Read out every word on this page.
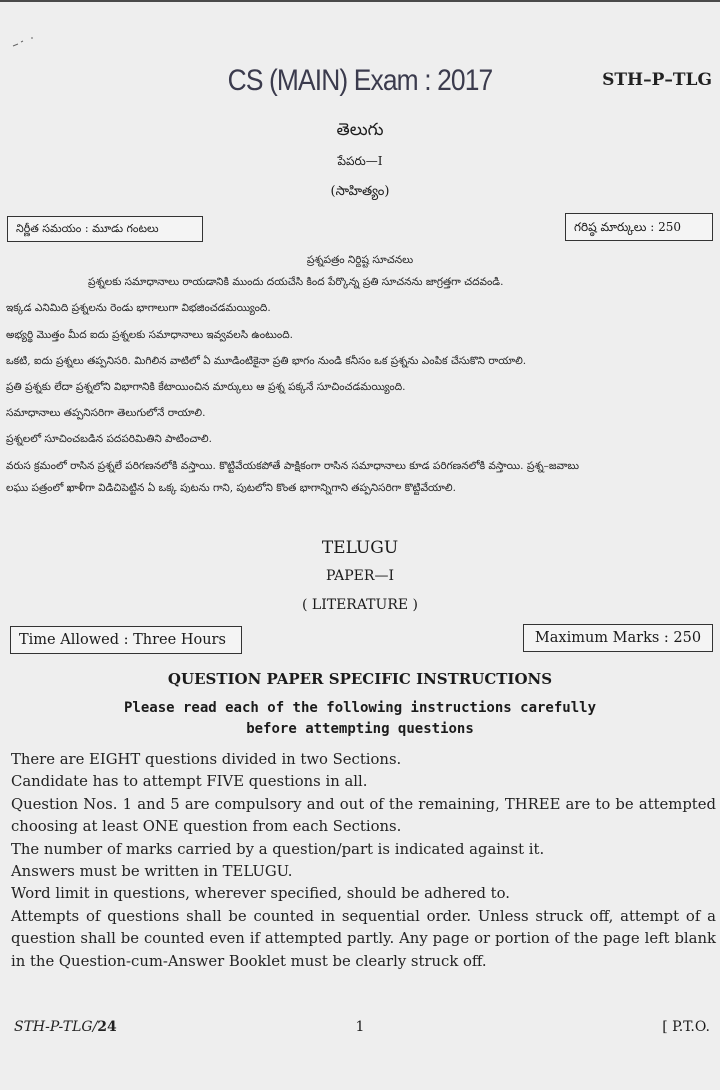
CS (MAIN) Exam : 2017	STH–P–TLG
తెలుగు
పేపరు—I
(సాహిత్యం)
నిర్ణీత సమయం : మూడు గంటలు	గరిష్ఠ మార్కులు : 250

ప్రశ్నపత్రం నిర్దిష్ట సూచనలు

ప్రశ్నలకు సమాధానాలు రాయడానికి ముందు దయచేసి కింద పేర్కొన్న ప్రతి సూచనను జాగ్రత్తగా చదవండి.

ఇక్కడ ఎనిమిది ప్రశ్నలను రెండు భాగాలుగా విభజించడమయ్యింది.

అభ్యర్థి మొత్తం మీద ఐదు ప్రశ్నలకు సమాధానాలు ఇవ్వవలసి ఉంటుంది.

ఒకటి, ఐదు ప్రశ్నలు తప్పనిసరి. మిగిలిన వాటిలో ఏ మూడింటికైనా ప్రతి భాగం నుండి కనీసం ఒక ప్రశ్నను ఎంపిక చేసుకొని రాయాలి.

ప్రతి ప్రశ్నకు లేదా ప్రశ్నలోని విభాగానికి కేటాయించిన మార్కులు ఆ ప్రశ్న పక్కనే సూచించడమయ్యింది.

సమాధానాలు తప్పనిసరిగా తెలుగులోనే రాయాలి.

ప్రశ్నలలో సూచించబడిన పదపరిమితిని పాటించాలి.

వరుస క్రమంలో రాసిన ప్రశ్నలే పరిగణనలోకి వస్తాయి. కొట్టివేయకపోతే పాక్షికంగా రాసిన సమాధానాలు కూడ పరిగణనలోకి వస్తాయి. ప్రశ్న–జవాబు

లఘు పత్రంలో ఖాళీగా విడిచిపెట్టిన ఏ ఒక్క పుటను గాని, పుటలోని కొంత భాగాన్నిగాని తప్పనిసరిగా కొట్టివేయాలి.

TELUGU
PAPER—I
( LITERATURE )
Time Allowed : Three Hours	Maximum Marks : 250
QUESTION PAPER SPECIFIC INSTRUCTIONS
Please read each of the following instructions carefully
before attempting questions

There are EIGHT questions divided in two Sections.

Candidate has to attempt FIVE questions in all.

Question Nos. 1 and 5 are compulsory and out of the remaining, THREE are to be attempted choosing at least ONE question from each Sections.

The number of marks carried by a question/part is indicated against it.

Answers must be written in TELUGU.

Word limit in questions, wherever specified, should be adhered to.

Attempts of questions shall be counted in sequential order. Unless struck off, attempt of a question shall be counted even if attempted partly. Any page or portion of the page left blank in the Question-cum-Answer Booklet must be clearly struck off.

STH-P-TLG/24	1	[ P.T.O.
